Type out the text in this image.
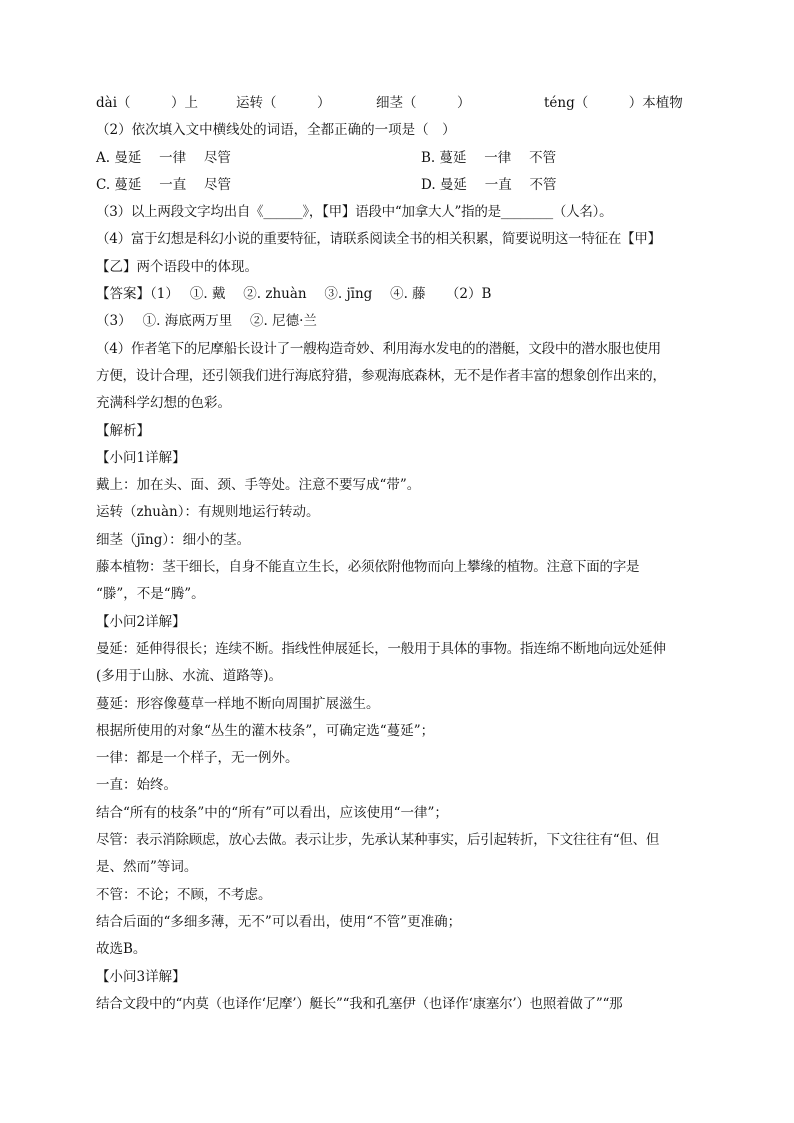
dài（　　　）上	运转（　　　）	细茎（　　　）	téng（　　　）本植物
（2）依次填入文中横线处的词语，全都正确的一项是（　）
A. 曼延　 一律　 尽管	B. 蔓延　 一律　 不管
C. 蔓延　 一直　 尽管	D. 曼延　 一直　 不管
（3）以上两段文字均出自《______》，【甲】语段中“加拿大人”指的是________（人名）。
（4）富于幻想是科幻小说的重要特征，请联系阅读全书的相关积累，简要说明这一特征在【甲】
【乙】两个语段中的体现。
【答案】（1）　 ①. 戴　 ②. zhuàn　 ③. jīng　 ④. 藤　　（2）B
（3）　 ①. 海底两万里　 ②. 尼德·兰
（4）作者笔下的尼摩船长设计了一艘构造奇妙、利用海水发电的的潜艇，文段中的潜水服也使用
方便，设计合理，还引领我们进行海底狩猎，参观海底森林，无不是作者丰富的想象创作出来的，
充满科学幻想的色彩。
【解析】
【小问1详解】
戴上：加在头、面、颈、手等处。注意不要写成“带”。
运转（zhuàn）：有规则地运行转动。
细茎（jīng）：细小的茎。
藤本植物：茎干细长，自身不能直立生长，必须依附他物而向上攀缘的植物。注意下面的字是
“滕”，不是“腾”。
【小问2详解】
曼延：延伸得很长；连续不断。指线性伸展延长，一般用于具体的事物。指连绵不断地向远处延伸
(多用于山脉、水流、道路等)。
蔓延：形容像蔓草一样地不断向周围扩展滋生。
根据所使用的对象“丛生的灌木枝条”，可确定选“蔓延”；
一律：都是一个样子，无一例外。
一直：始终。
结合“所有的枝条”中的“所有”可以看出，应该使用“一律”；
尽管：表示消除顾虑，放心去做。表示让步，先承认某种事实，后引起转折，下文往往有“但、但
是、然而”等词。
不管：不论；不顾，不考虑。
结合后面的“多细多薄，无不”可以看出，使用“不管”更准确；
故选B。
【小问3详解】
结合文段中的“内莫（也译作‘尼摩’）艇长”“我和孔塞伊（也译作‘康塞尔’）也照着做了”“那
